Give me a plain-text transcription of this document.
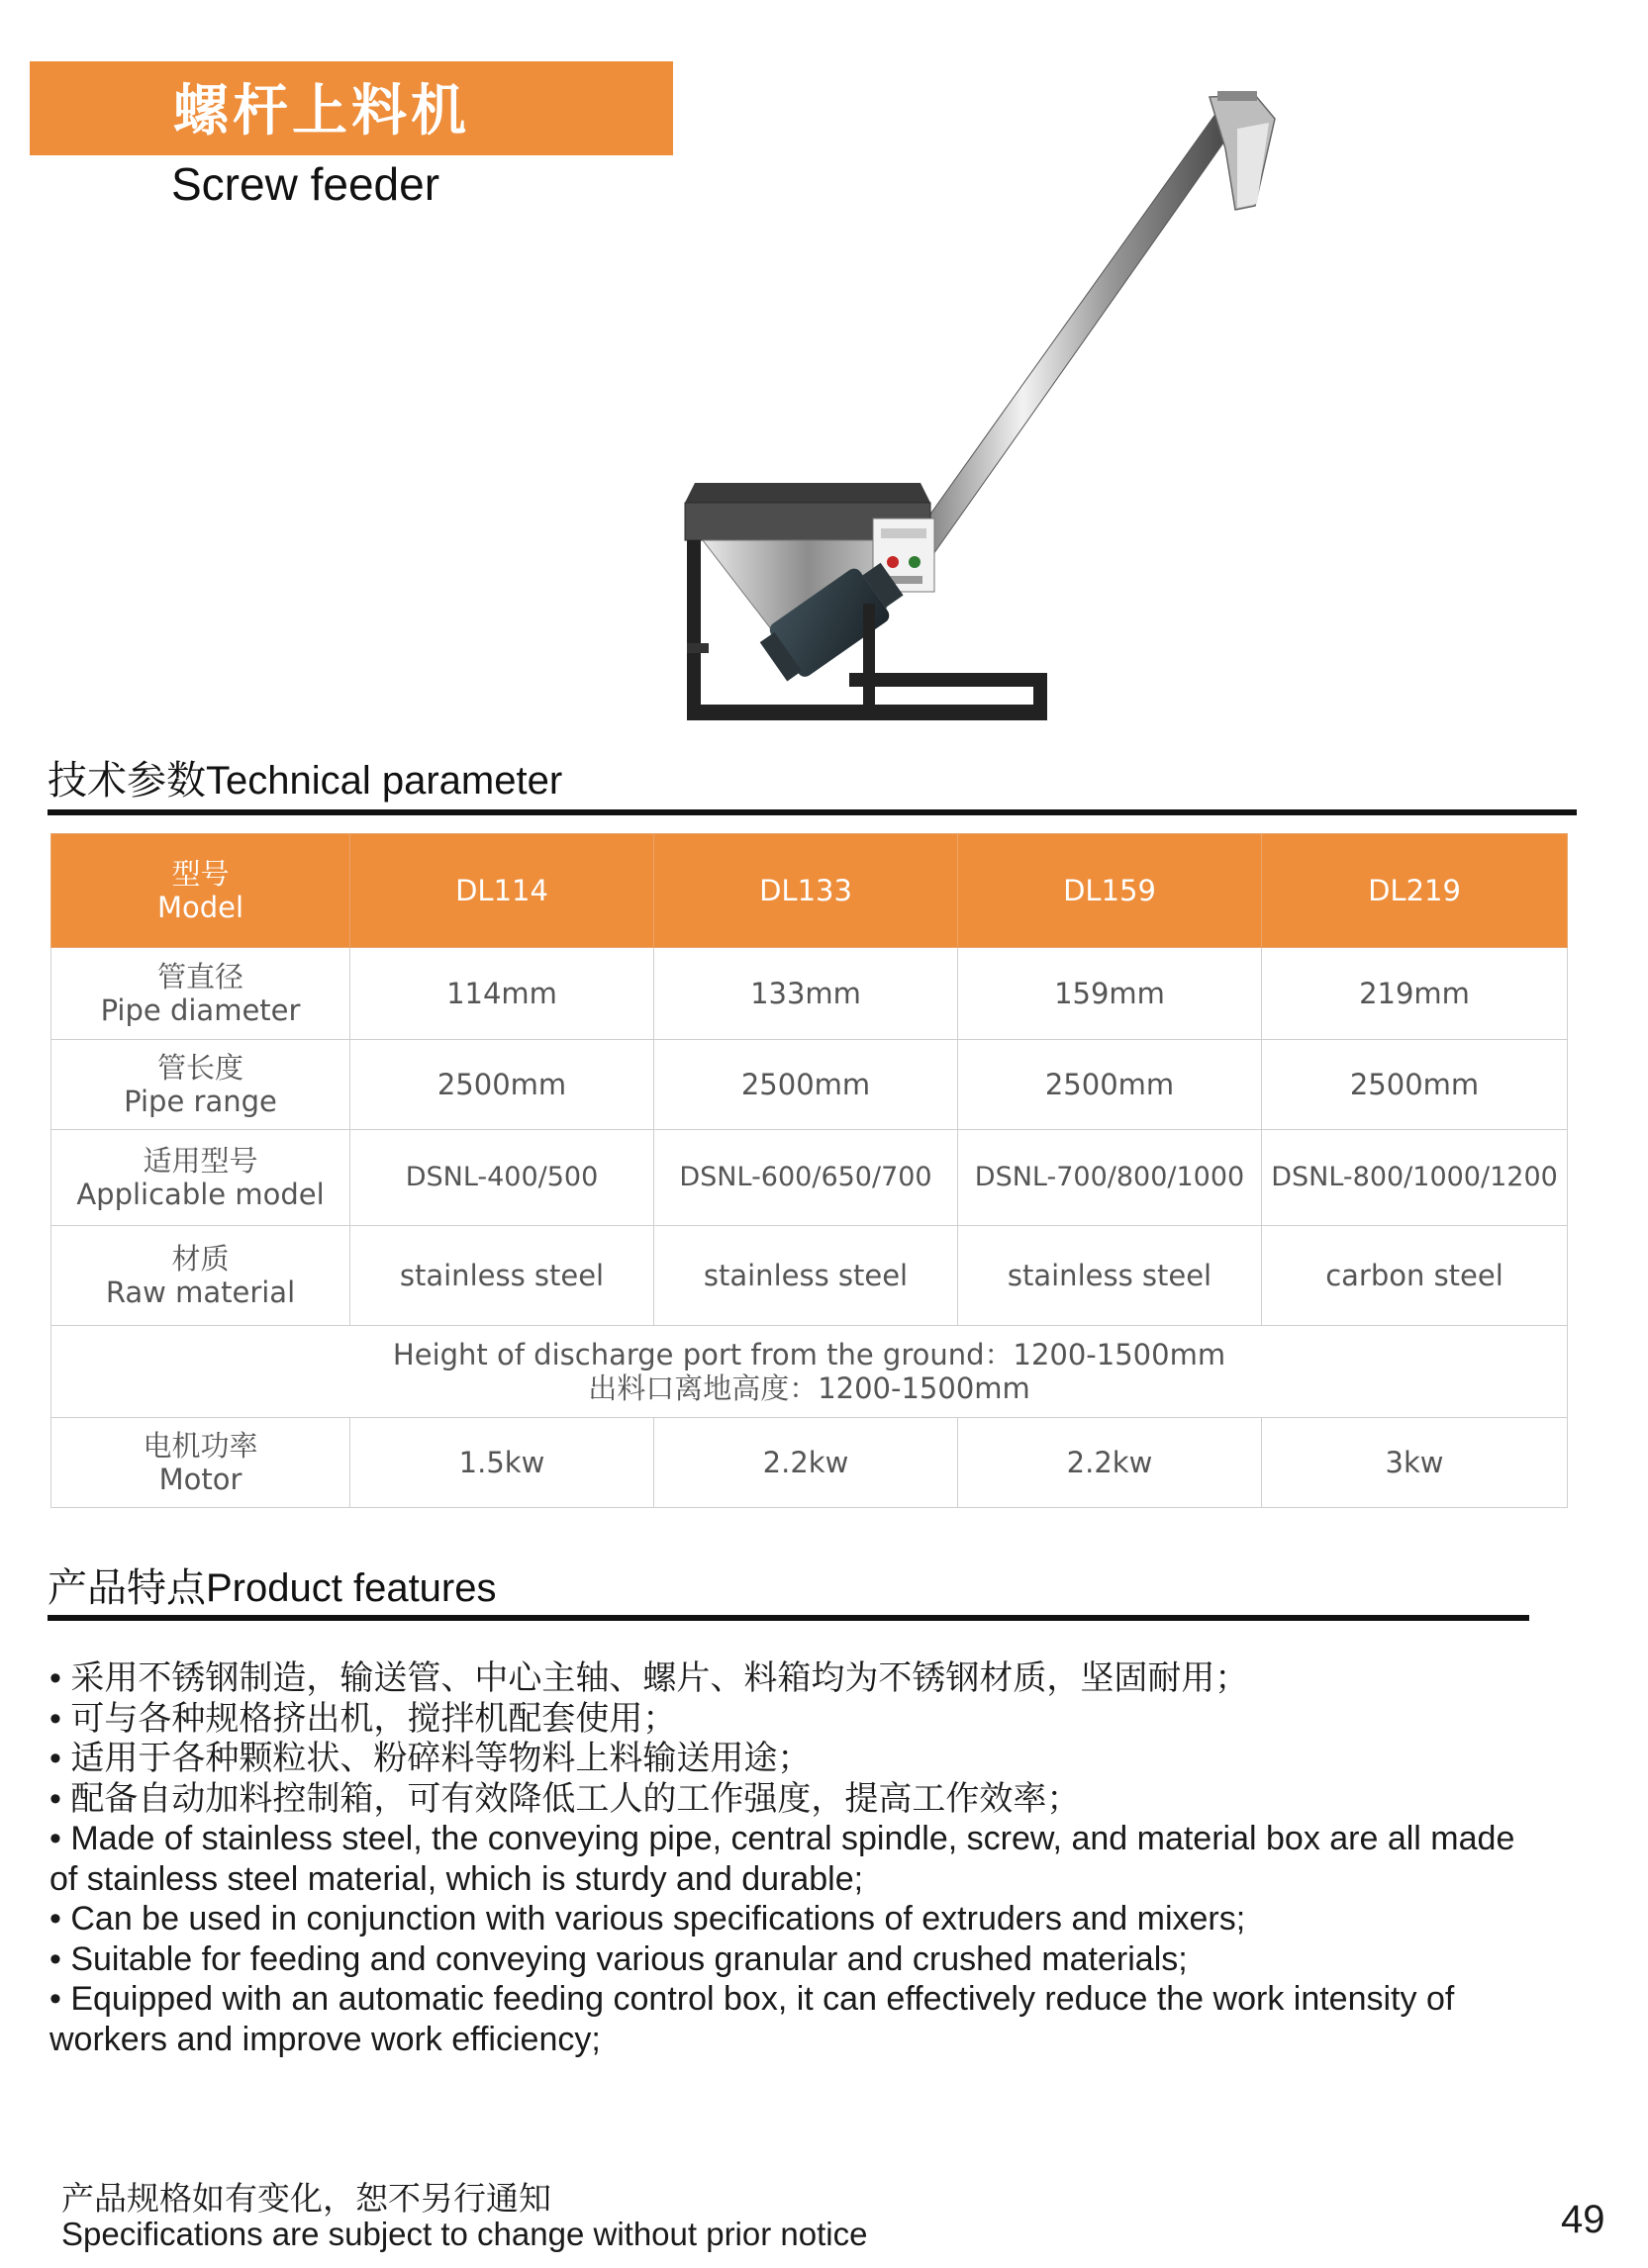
螺杆上料机
Screw feeder
技术参数Technical parameter
型号
Model	DL114	DL133	DL159	DL219
管直径
Pipe diameter	114mm	133mm	159mm	219mm
管长度
Pipe range	2500mm	2500mm	2500mm	2500mm
适用型号
Applicable model	DSNL-400/500	DSNL-600/650/700	DSNL-700/800/1000	DSNL-800/1000/1200
材质
Raw material	stainless steel	stainless steel	stainless steel	carbon steel
Height of discharge port from the ground：1200-1500mm
出料口离地高度：1200-1500mm				
电机功率
Motor	1.5kw	2.2kw	2.2kw	3kw
产品特点Product features
• 采用不锈钢制造，输送管、中心主轴、螺片、料箱均为不锈钢材质，坚固耐用；
• 可与各种规格挤出机，搅拌机配套使用；
• 适用于各种颗粒状、粉碎料等物料上料输送用途；
• 配备自动加料控制箱，可有效降低工人的工作强度，提高工作效率；
• Made of stainless steel, the conveying pipe, central spindle, screw, and material box are all made
of stainless steel material, which is sturdy and durable;
• Can be used in conjunction with various specifications of extruders and mixers;
• Suitable for feeding and conveying various granular and crushed materials;
• Equipped with an automatic feeding control box, it can effectively reduce the work intensity of
workers and improve work efficiency;
产品规格如有变化，恕不另行通知
Specifications are subject to change without prior notice	49
